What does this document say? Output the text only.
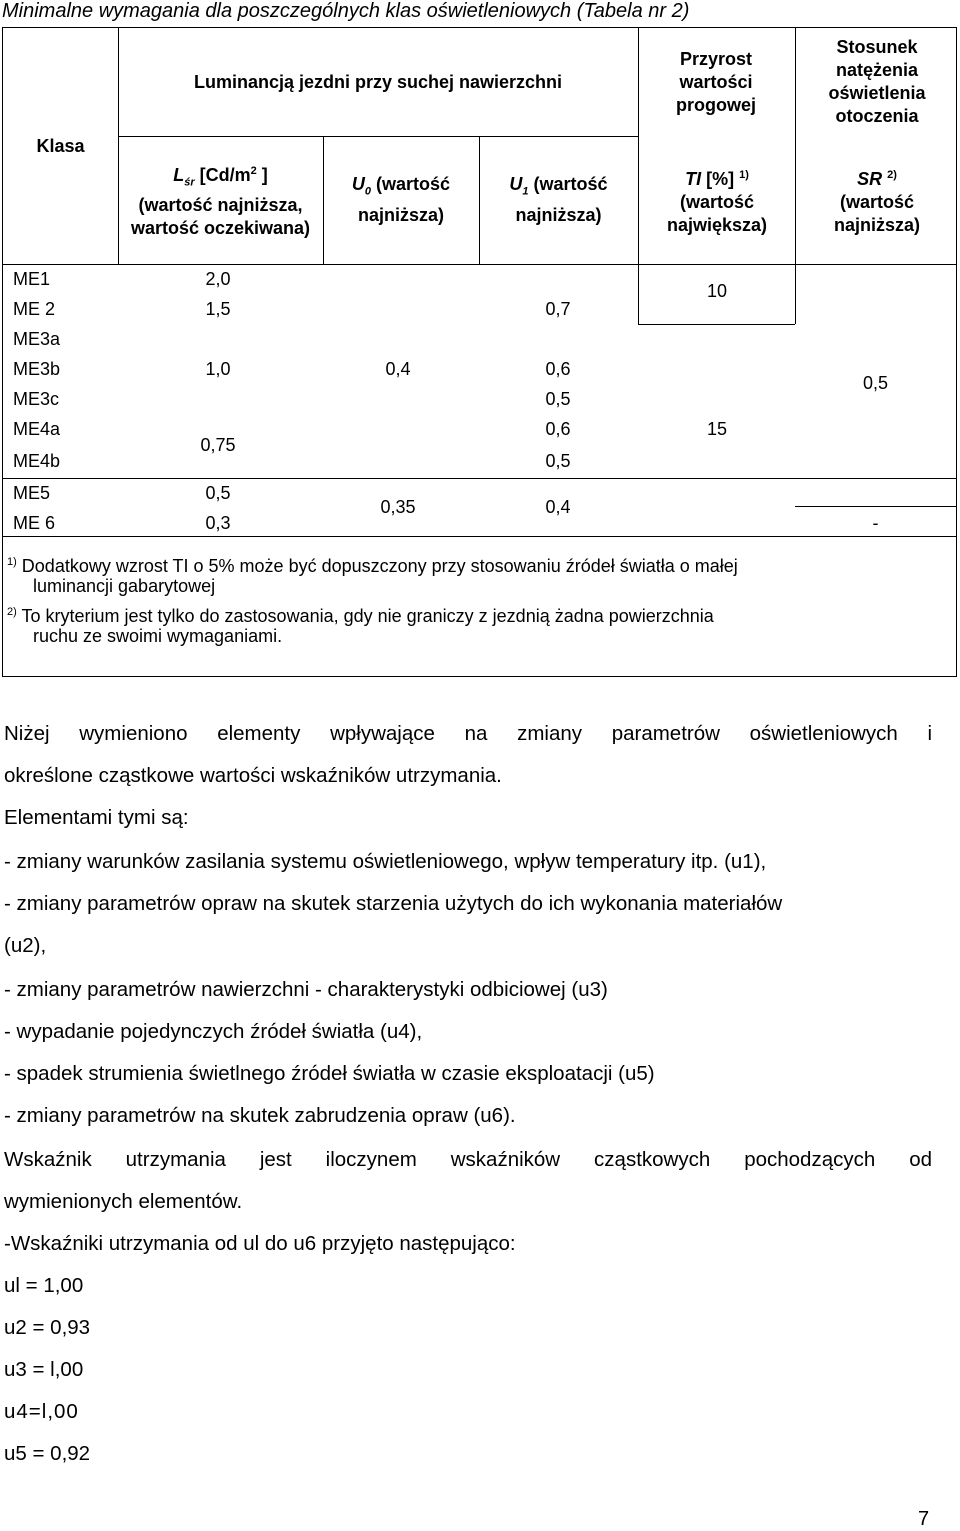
Minimalne wymagania dla poszczególnych klas oświetleniowych (Tabela nr 2)
Klasa
Luminancją jezdni przy suchej nawierzchni
$L_{śr}$ [$Cd/m^2$ ]
(wartość najniższa, wartość oczekiwana)
$U_0$ (wartość najniższa)
$U_1$ (wartość najniższa)
Przyrost wartości progowej
TI [%] $^{1)}$
(wartość największa)
Stosunek natężenia oświetlenia otoczenia
SR $^{2)}$
(wartość najniższa)
ME1
ME 2
ME3a
ME3b
ME3c
ME4a
ME4b
ME5
ME 6
2,0
1,5
1,0
0,75
0,5
0,3
0,4
0,35
0,7
0,6
0,5
0,6
0,5
0,4
10
15
0,5
-
$^{1)}$ Dodatkowy wzrost TI o 5% może być dopuszczony przy stosowaniu źródeł światła o małej
luminancji gabarytowej
$^{2)}$ To kryterium jest tylko do zastosowania, gdy nie graniczy z jezdnią żadna powierzchnia
ruchu ze swoimi wymaganiami.
Niżej wymieniono elementy wpływające na zmiany parametrów oświetleniowych i
określone cząstkowe wartości wskaźników utrzymania.
Elementami tymi są:
- zmiany warunków zasilania systemu oświetleniowego, wpływ temperatury itp. (u1),
- zmiany parametrów opraw na skutek starzenia użytych do ich wykonania materiałów
(u2),
- zmiany parametrów nawierzchni - charakterystyki odbiciowej (u3)
- wypadanie pojedynczych źródeł światła (u4),
- spadek strumienia świetlnego źródeł światła w czasie eksploatacji (u5)
- zmiany parametrów na skutek zabrudzenia opraw (u6).
Wskaźnik utrzymania jest iloczynem wskaźników cząstkowych pochodzących od
wymienionych elementów.
-Wskaźniki utrzymania od ul do u6 przyjęto następująco:
ul = 1,00
u2 = 0,93
u3 = l,00
u4=l,00
u5 = 0,92
7
